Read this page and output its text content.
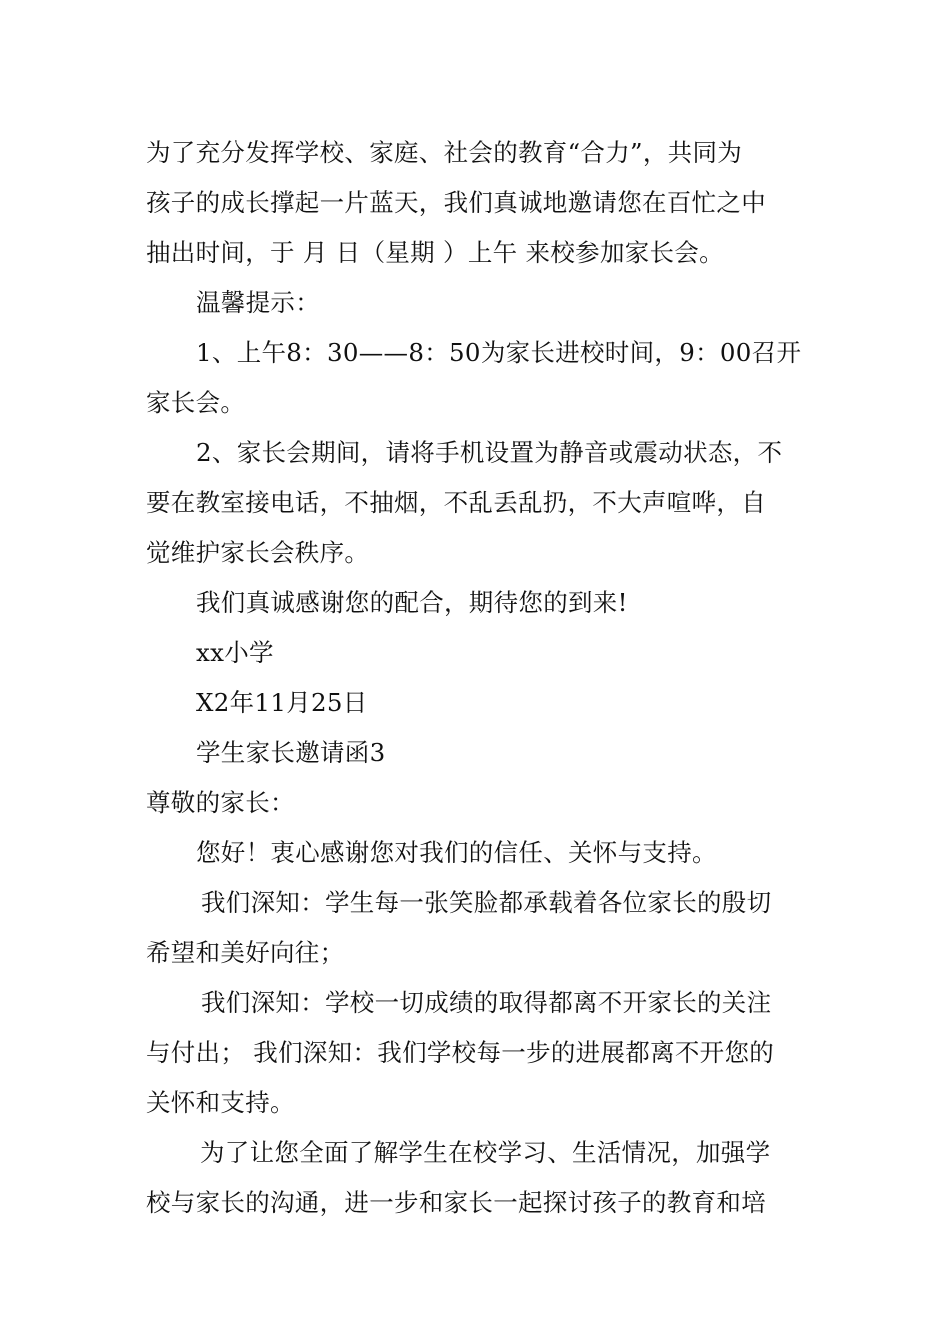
为了充分发挥学校、家庭、社会的教育“合力”，共同为
孩子的成长撑起一片蓝天，我们真诚地邀请您在百忙之中
抽出时间，于 月 日（星期 ）上午 来校参加家长会。
温馨提示：
1、上午8：30——8：50为家长进校时间，9：00召开
家长会。
2、家长会期间，请将手机设置为静音或震动状态，不
要在教室接电话，不抽烟，不乱丢乱扔，不大声喧哗，自
觉维护家长会秩序。
我们真诚感谢您的配合，期待您的到来!
xx小学
X2年11月25日
学生家长邀请函3
尊敬的家长：
您好！衷心感谢您对我们的信任、关怀与支持。
我们深知：学生每一张笑脸都承载着各位家长的殷切
希望和美好向往；
我们深知：学校一切成绩的取得都离不开家长的关注
与付出； 我们深知：我们学校每一步的进展都离不开您的
关怀和支持。
为了让您全面了解学生在校学习、生活情况，加强学
校与家长的沟通，进一步和家长一起探讨孩子的教育和培
